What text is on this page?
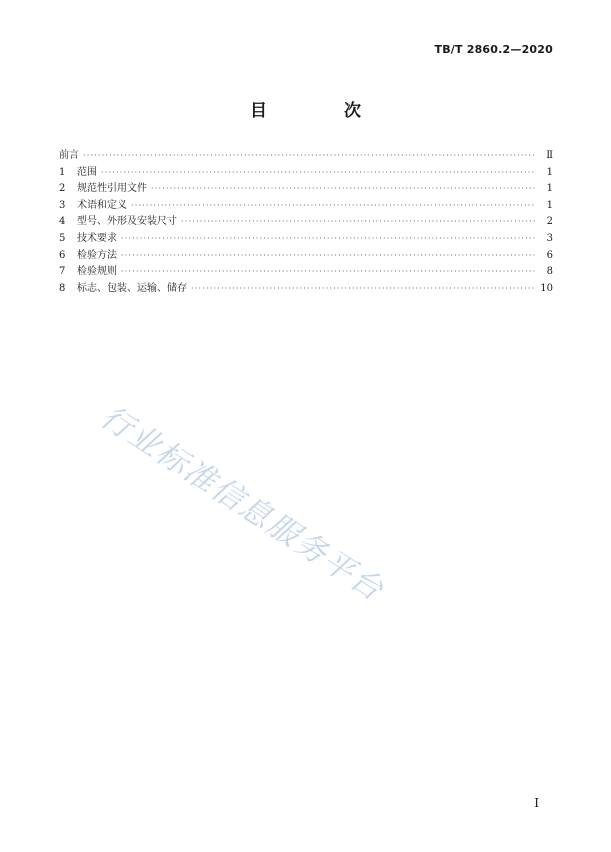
TB/T 2860.2—2020
目　次
前言 ·····	Ⅱ
1	范围 ·····	1
2	规范性引用文件 ·····	1
3	术语和定义 ·····	1
4	型号、外形及安装尺寸 ·····	2
5	技术要求 ·····	3
6	检验方法 ·····	6
7	检验规则 ·····	8
8	标志、包装、运输、储存 ·····	10
行业标准信息服务平台
I
